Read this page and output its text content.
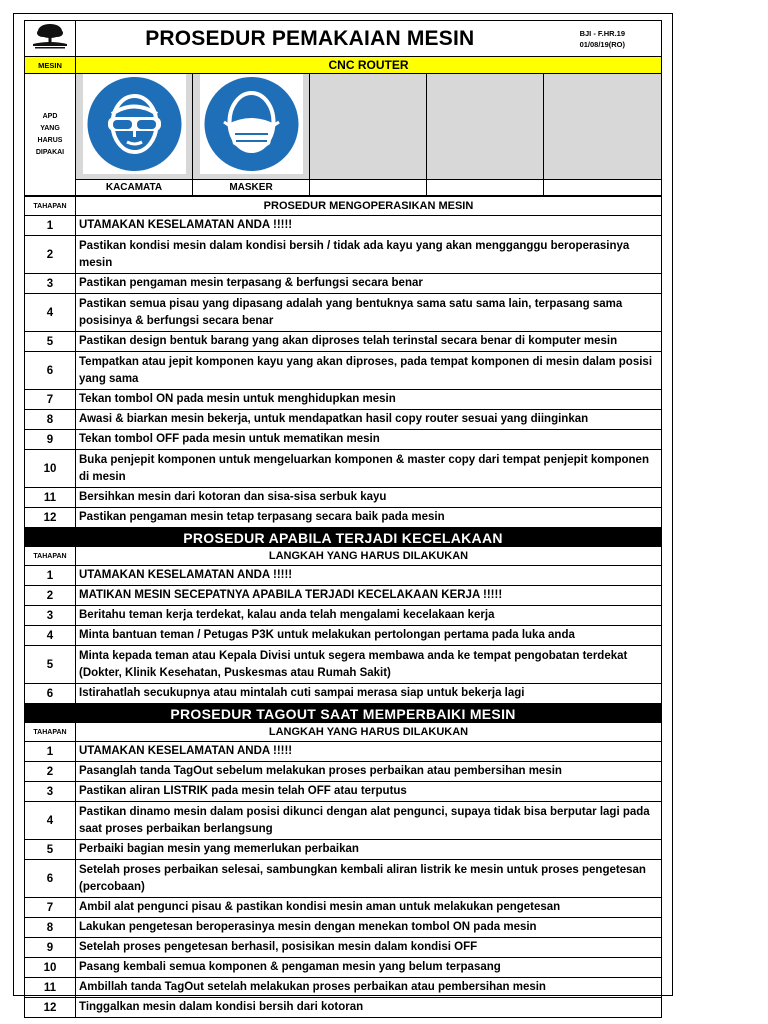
	PROSEDUR PEMAKAIAN MESIN				BJI - F.HR.19
01/08/19(RO)

MESIN	CNC ROUTER				

APD
YANG
HARUS
DIPAKAI

	KACAMATA	MASKER			
TAHAPAN	PROSEDUR MENGOPERASIKAN MESIN
1	UTAMAKAN KESELAMATAN ANDA !!!!!
2	Pastikan kondisi mesin dalam kondisi bersih / tidak ada kayu yang akan mengganggu beroperasinya mesin
3	Pastikan pengaman mesin terpasang & berfungsi secara benar
4	Pastikan semua pisau yang dipasang adalah yang bentuknya sama satu sama lain, terpasang sama posisinya & berfungsi secara benar
5	Pastikan design bentuk barang yang akan diproses telah terinstal secara benar di komputer mesin
6	Tempatkan atau jepit komponen kayu yang akan diproses, pada tempat komponen di mesin dalam posisi yang sama
7	Tekan tombol ON pada mesin untuk menghidupkan mesin
8	Awasi & biarkan mesin bekerja, untuk mendapatkan hasil copy router sesuai yang diinginkan
9	Tekan tombol OFF pada mesin untuk mematikan mesin
10	Buka penjepit komponen untuk mengeluarkan komponen & master copy dari tempat penjepit komponen di mesin
11	Bersihkan mesin dari kotoran dan sisa-sisa serbuk kayu
12	Pastikan pengaman mesin tetap terpasang secara baik pada mesin
PROSEDUR APABILA TERJADI KECELAKAAN	
TAHAPAN	LANGKAH YANG HARUS DILAKUKAN
1	UTAMAKAN KESELAMATAN ANDA !!!!!
2	MATIKAN MESIN SECEPATNYA APABILA TERJADI KECELAKAAN KERJA !!!!!
3	Beritahu teman kerja terdekat, kalau anda telah mengalami kecelakaan kerja
4	Minta bantuan teman / Petugas P3K untuk melakukan pertolongan pertama pada luka anda
5	Minta kepada teman atau Kepala Divisi untuk segera membawa anda ke tempat pengobatan terdekat (Dokter, Klinik Kesehatan, Puskesmas atau Rumah Sakit)
6	Istirahatlah secukupnya atau mintalah cuti sampai merasa siap untuk bekerja lagi
PROSEDUR TAGOUT SAAT MEMPERBAIKI MESIN	
TAHAPAN	LANGKAH YANG HARUS DILAKUKAN
1	UTAMAKAN KESELAMATAN ANDA !!!!!
2	Pasanglah tanda TagOut sebelum melakukan proses perbaikan atau pembersihan mesin
3	Pastikan aliran LISTRIK pada mesin telah OFF atau terputus
4	Pastikan dinamo mesin dalam posisi dikunci dengan alat pengunci, supaya tidak bisa berputar lagi pada saat proses perbaikan berlangsung
5	Perbaiki bagian mesin yang memerlukan perbaikan
6	Setelah proses perbaikan selesai, sambungkan kembali aliran listrik ke mesin untuk proses pengetesan (percobaan)
7	Ambil alat pengunci pisau & pastikan kondisi mesin aman untuk melakukan pengetesan
8	Lakukan pengetesan beroperasinya mesin dengan menekan tombol ON pada mesin
9	Setelah proses pengetesan berhasil, posisikan mesin dalam kondisi OFF
10	Pasang kembali semua komponen & pengaman mesin yang belum terpasang
11	Ambillah tanda TagOut setelah melakukan proses perbaikan atau pembersihan mesin
12	Tinggalkan mesin dalam kondisi bersih dari kotoran
